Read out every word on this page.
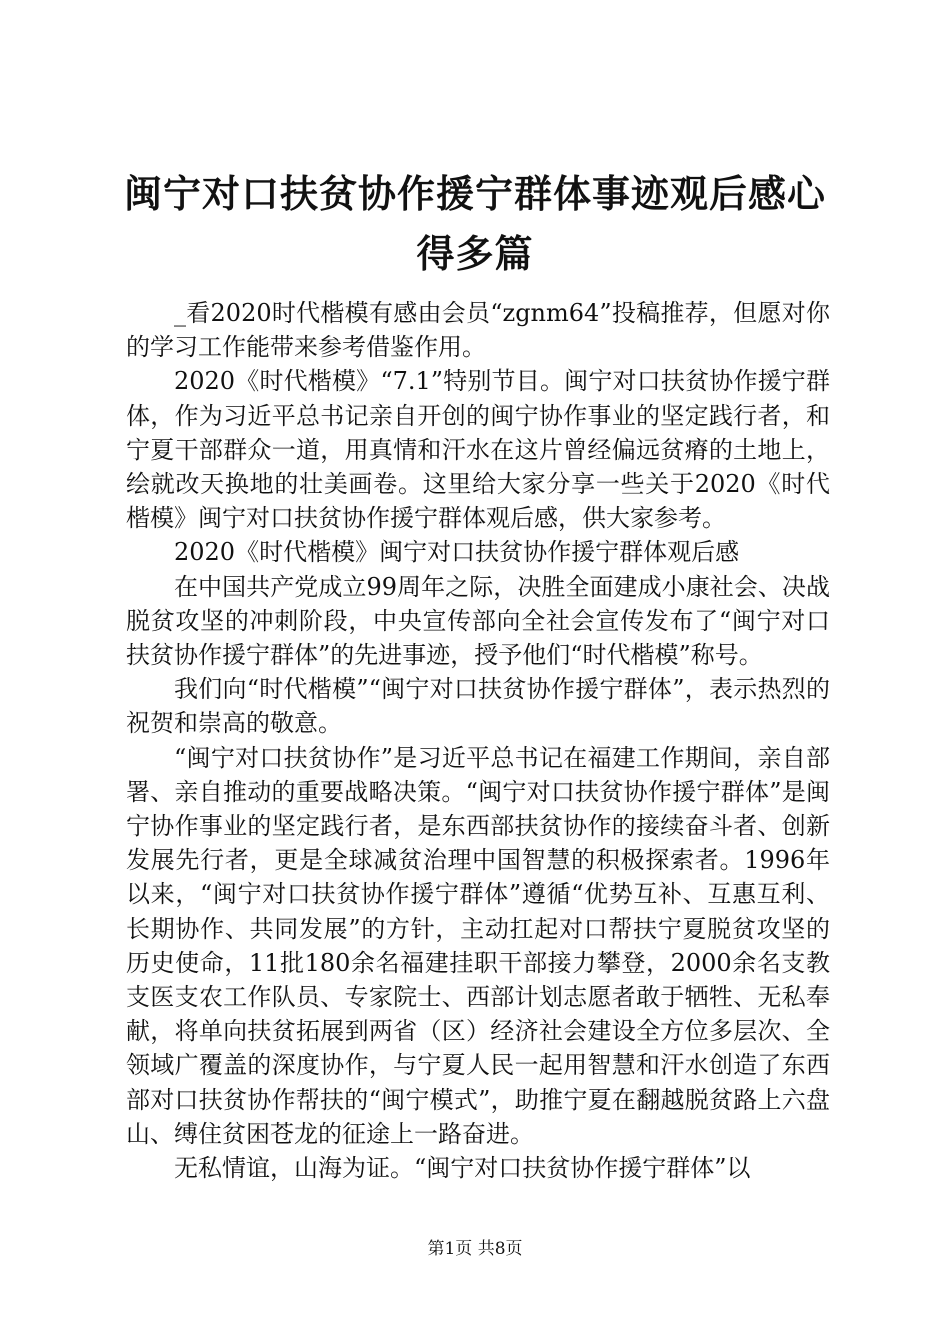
闽宁对口扶贫协作援宁群体事迹观后感心得多篇

_看2020时代楷模有感由会员“zgnm64”投稿推荐，但愿对你的学习工作能带来参考借鉴作用。

2020《时代楷模》“7.1”特别节目。闽宁对口扶贫协作援宁群体，作为习近平总书记亲自开创的闽宁协作事业的坚定践行者，和宁夏干部群众一道，用真情和汗水在这片曾经偏远贫瘠的土地上，绘就改天换地的壮美画卷。这里给大家分享一些关于2020《时代楷模》闽宁对口扶贫协作援宁群体观后感，供大家参考。

2020《时代楷模》闽宁对口扶贫协作援宁群体观后感

在中国共产党成立99周年之际，决胜全面建成小康社会、决战脱贫攻坚的冲刺阶段，中央宣传部向全社会宣传发布了“闽宁对口扶贫协作援宁群体”的先进事迹，授予他们“时代楷模”称号。

我们向“时代楷模”“闽宁对口扶贫协作援宁群体”，表示热烈的祝贺和崇高的敬意。

“闽宁对口扶贫协作”是习近平总书记在福建工作期间，亲自部署、亲自推动的重要战略决策。“闽宁对口扶贫协作援宁群体”是闽宁协作事业的坚定践行者，是东西部扶贫协作的接续奋斗者、创新发展先行者，更是全球减贫治理中国智慧的积极探索者。1996年以来，“闽宁对口扶贫协作援宁群体”遵循“优势互补、互惠互利、长期协作、共同发展”的方针，主动扛起对口帮扶宁夏脱贫攻坚的历史使命，11批180余名福建挂职干部接力攀登，2000余名支教支医支农工作队员、专家院士、西部计划志愿者敢于牺牲、无私奉献，将单向扶贫拓展到两省（区）经济社会建设全方位多层次、全领域广覆盖的深度协作，与宁夏人民一起用智慧和汗水创造了东西部对口扶贫协作帮扶的“闽宁模式”，助推宁夏在翻越脱贫路上六盘山、缚住贫困苍龙的征途上一路奋进。

无私情谊，山海为证。“闽宁对口扶贫协作援宁群体”以

第1页 共8页
